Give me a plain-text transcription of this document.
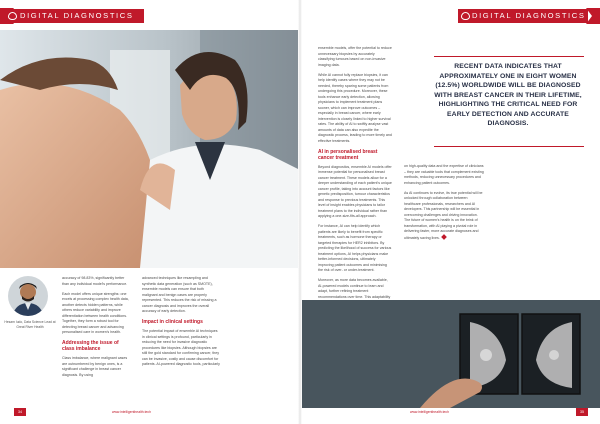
DIGITAL DIAGNOSTICS

accuracy of 98.83%, significantly better than any individual model's performance.

Each model offers unique strengths: one excels at processing complex health data, another detects hidden patterns, while others reduce variability and improve differentiation between health conditions. Together, they form a robust tool for detecting breast cancer and advancing personalised care in women's health.

Addressing the issue of class imbalance

Class imbalance, where malignant cases are outnumbered by benign ones, is a significant challenge in breast cancer diagnosis. By using

advanced techniques like resampling and synthetic data generation (such as SMOTE), ensemble models can ensure that both malignant and benign cases are properly represented. This reduces the risk of missing a cancer diagnosis and improves the overall accuracy of early detection.

Impact in clinical settings

The potential impact of ensemble AI techniques in clinical settings is profound, particularly in reducing the need for invasive diagnostic procedures like biopsies. Although biopsies are still the gold standard for confirming cancer, they can be invasive, costly and cause discomfort for patients. AI-powered diagnostic tools, particularly

Hesam Iudo, Data Science Lead at Great River Health
34	www.intelligenthealth.tech
DIGITAL DIAGNOSTICS

ensemble models, offer the potential to reduce unnecessary biopsies by accurately classifying tumours based on non-invasive imaging data.

While AI cannot fully replace biopsies, it can help identify cases where they may not be needed, thereby sparing some patients from undergoing this procedure. Moreover, these tools enhance early detection, allowing physicians to implement treatment plans sooner, which can improve outcomes – especially in breast cancer, where early intervention is closely linked to higher survival rates. The ability of AI to swiftly analyse vast amounts of data can also expedite the diagnostic process, leading to more timely and effective treatments.

AI in personalised breast cancer treatment

Beyond diagnostics, ensemble AI models offer immense potential for personalised breast cancer treatment. These models allow for a deeper understanding of each patient's unique cancer profile, taking into account factors like genetic predisposition, tumour characteristics and response to previous treatments. This level of insight enables physicians to tailor treatment plans to the individual rather than applying a one-size-fits-all approach.

For instance, AI can help identify which patients are likely to benefit from specific treatments, such as hormone therapy or targeted therapies for HER2 inhibitors. By predicting the likelihood of success for various treatment options, AI helps physicians make better-informed decisions, ultimately improving patient outcomes and minimising the risk of over- or under-treatment.

Moreover, as more data becomes available, AI-powered models continue to learn and adapt, further refining treatment recommendations over time. This adaptability

RECENT DATA INDICATES THAT APPROXIMATELY ONE IN EIGHT WOMEN (12.5%) WORLDWIDE WILL BE DIAGNOSED WITH BREAST CANCER IN THEIR LIFETIME, HIGHLIGHTING THE CRITICAL NEED FOR EARLY DETECTION AND ACCURATE DIAGNOSIS.

on high-quality data and the expertise of clinicians – they are valuable tools that complement existing methods, reducing unnecessary procedures and enhancing patient outcomes.

As AI continues to evolve, its true potential will be unlocked through collaboration between healthcare professionals, researchers and AI developers. This partnership will be essential in overcoming challenges and driving innovation. The future of women's health is on the brink of transformation, with AI playing a pivotal role in delivering faster, more accurate diagnoses and ultimately saving lives.

www.intelligenthealth.tech	35
